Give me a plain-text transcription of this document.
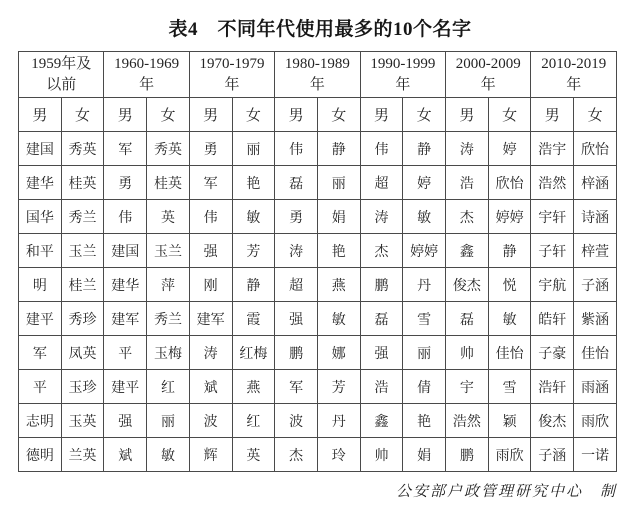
表4　不同年代使用最多的10个名字
1959年及以前		1960-1969年		1970-1979年		1980-1989年		1990-1999年		2000-2009年		2010-2019年	
男	女	男	女	男	女	男	女	男	女	男	女	男	女
建国	秀英	军	秀英	勇	丽	伟	静	伟	静	涛	婷	浩宇	欣怡
建华	桂英	勇	桂英	军	艳	磊	丽	超	婷	浩	欣怡	浩然	梓涵
国华	秀兰	伟	英	伟	敏	勇	娟	涛	敏	杰	婷婷	宇轩	诗涵
和平	玉兰	建国	玉兰	强	芳	涛	艳	杰	婷婷	鑫	静	子轩	梓萱
明	桂兰	建华	萍	刚	静	超	燕	鹏	丹	俊杰	悦	宇航	子涵
建平	秀珍	建军	秀兰	建军	霞	强	敏	磊	雪	磊	敏	皓轩	紫涵
军	凤英	平	玉梅	涛	红梅	鹏	娜	强	丽	帅	佳怡	子豪	佳怡
平	玉珍	建平	红	斌	燕	军	芳	浩	倩	宇	雪	浩轩	雨涵
志明	玉英	强	丽	波	红	波	丹	鑫	艳	浩然	颖	俊杰	雨欣
德明	兰英	斌	敏	辉	英	杰	玲	帅	娟	鹏	雨欣	子涵	一诺
公安部户政管理研究中心　制
